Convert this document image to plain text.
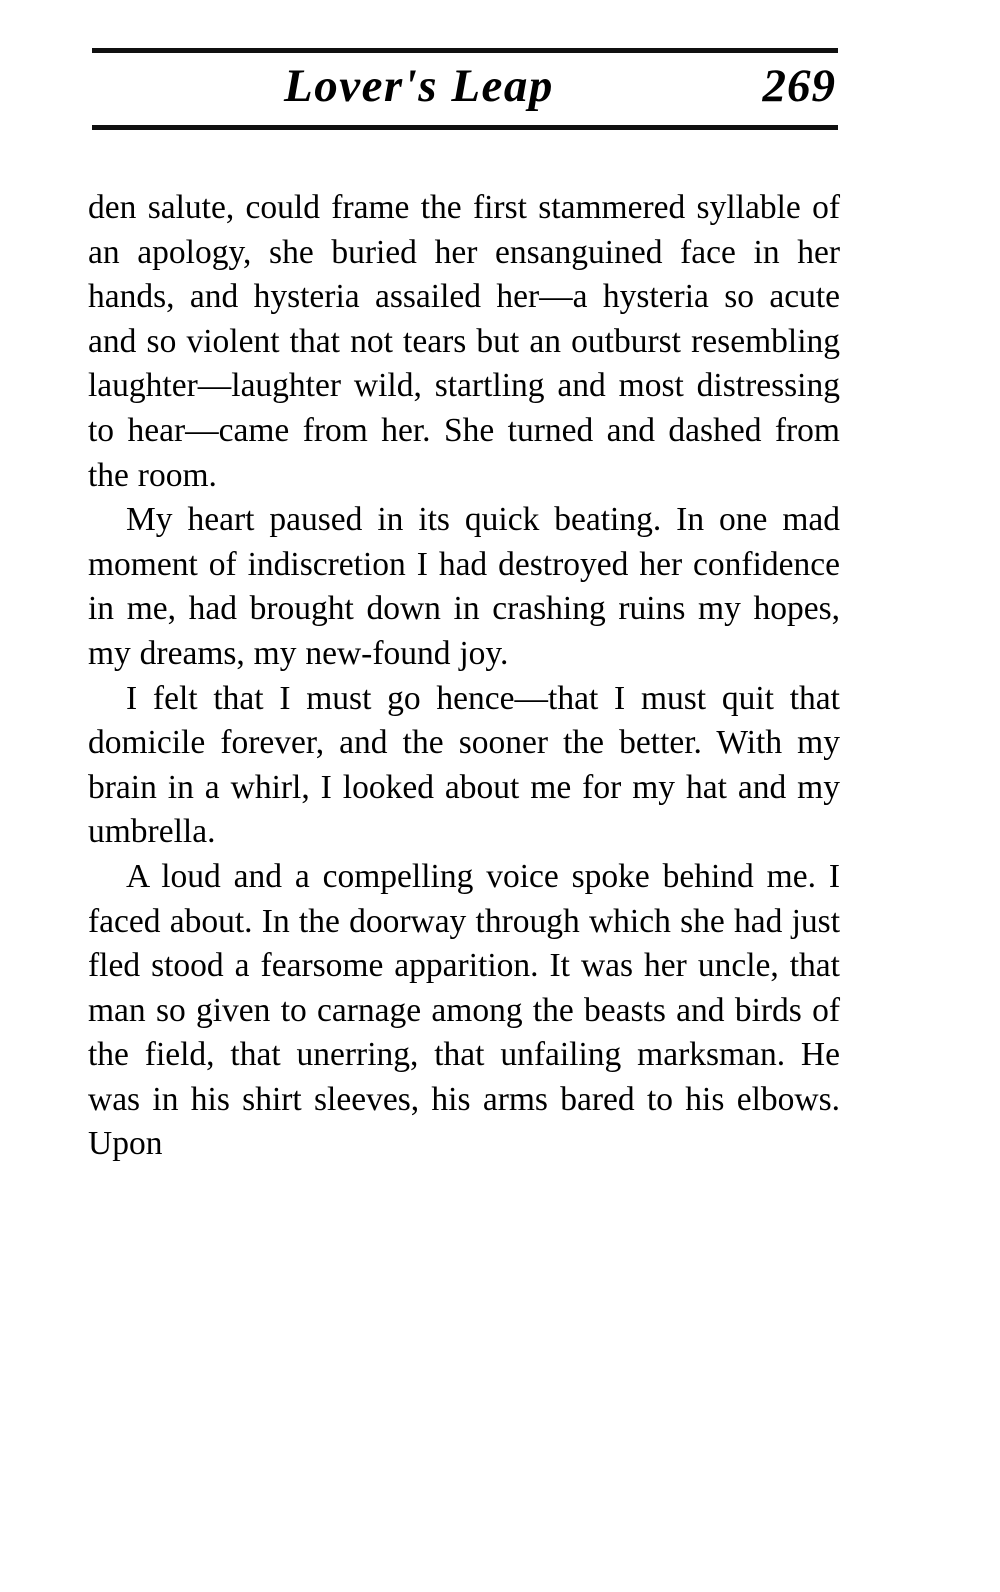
Lover's Leap	269

den salute, could frame the first stammered syllable of an apology, she buried her ensanguined face in her hands, and hysteria assailed her—a hysteria so acute and so violent that not tears but an outburst resembling laughter—laughter wild, startling and most distressing to hear—came from her. She turned and dashed from the room.

My heart paused in its quick beating. In one mad moment of indiscretion I had destroyed her confidence in me, had brought down in crashing ruins my hopes, my dreams, my new-found joy.

I felt that I must go hence—that I must quit that domicile forever, and the sooner the better. With my brain in a whirl, I looked about me for my hat and my umbrella.

A loud and a compelling voice spoke behind me. I faced about. In the doorway through which she had just fled stood a fearsome apparition. It was her uncle, that man so given to carnage among the beasts and birds of the field, that unerring, that unfailing marksman. He was in his shirt sleeves, his arms bared to his elbows. Upon
